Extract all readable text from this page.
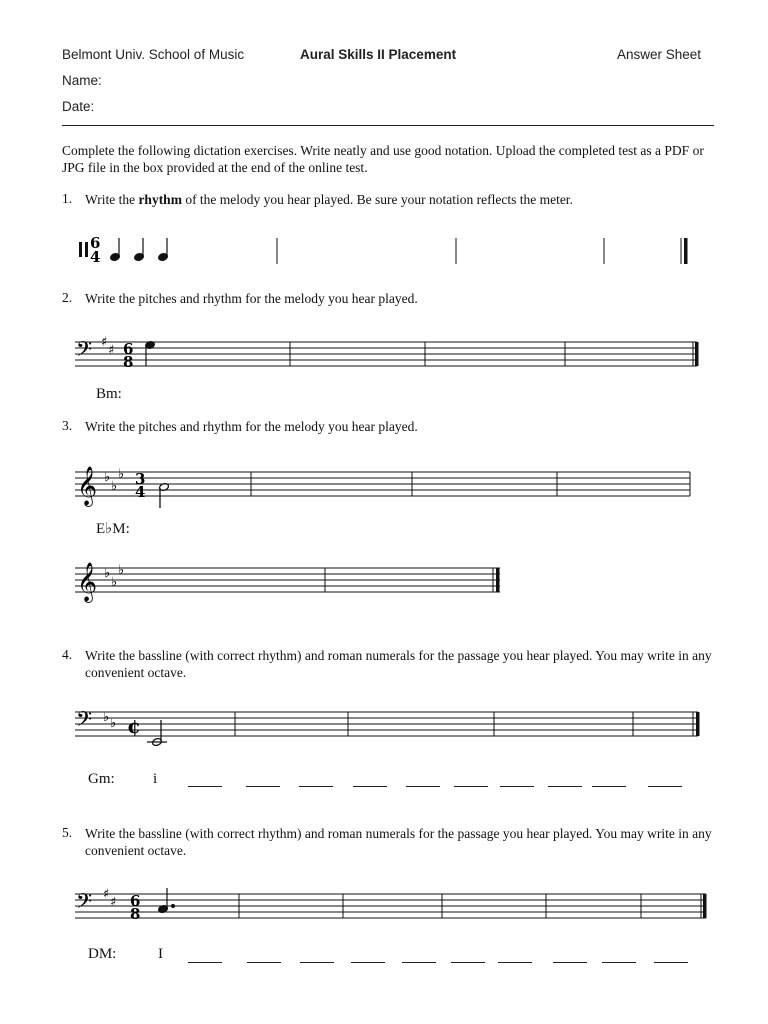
Belmont Univ. School of Music	Aural Skills II Placement	Answer Sheet
Name:
Date:
Complete the following dictation exercises. Write neatly and use good notation. Upload the completed test as a PDF or JPG file in the box provided at the end of the online test.
1. Write the rhythm of the melody you hear played. Be sure your notation reflects the meter.
6
4
2. Write the pitches and rhythm for the melody you hear played.
𝄢 ♯
♯ 6
8
Bm:
3. Write the pitches and rhythm for the melody you hear played.
𝄞 ♭
♭
♭ 3
4
E♭M:
𝄞 ♭
♭
♭
4. Write the bassline (with correct rhythm) and roman numerals for the passage you hear played. You may write in any convenient octave.
𝄢 ♭ ♭ ¢
Gm:	i
5. Write the bassline (with correct rhythm) and roman numerals for the passage you hear played. You may write in any convenient octave.
𝄢 ♯
♯ 6
8
DM:	I
